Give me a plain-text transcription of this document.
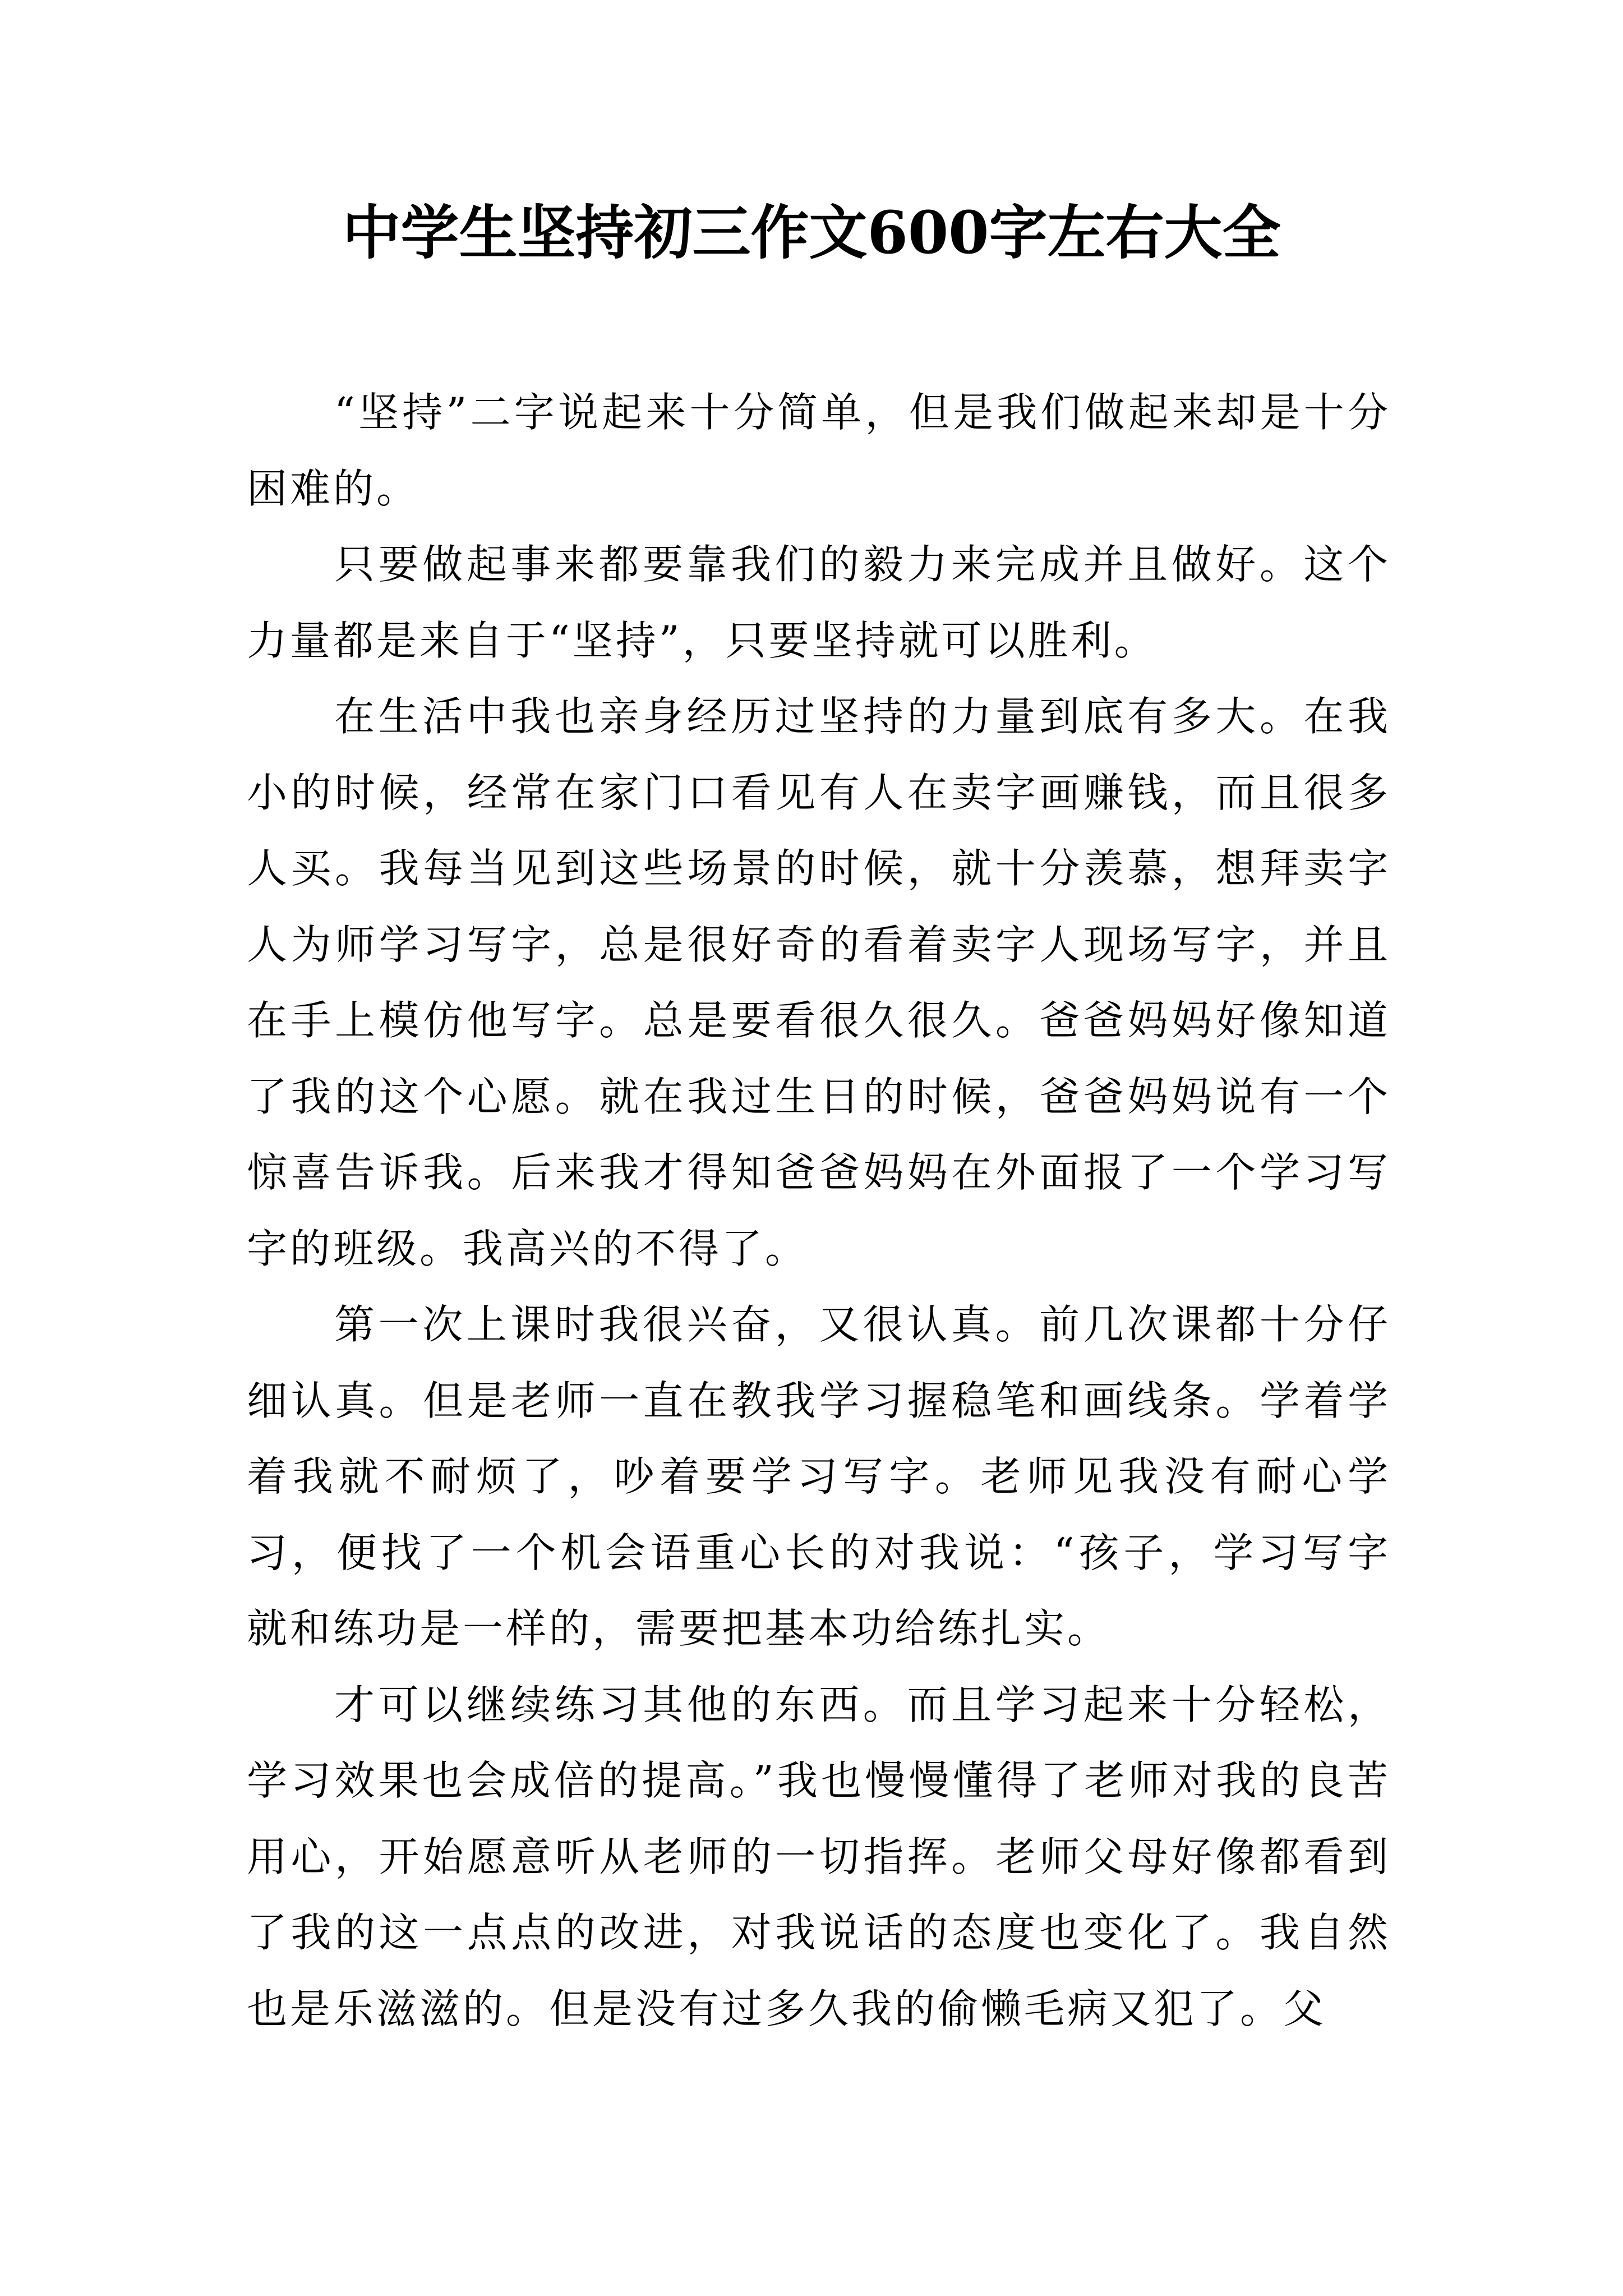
中学生坚持初三作文600字左右大全

“坚持”二字说起来十分简单，但是我们做起来却是十分困难的。

只要做起事来都要靠我们的毅力来完成并且做好。这个力量都是来自于“坚持”，只要坚持就可以胜利。

在生活中我也亲身经历过坚持的力量到底有多大。在我小的时候，经常在家门口看见有人在卖字画赚钱，而且很多人买。我每当见到这些场景的时候，就十分羡慕，想拜卖字人为师学习写字，总是很好奇的看着卖字人现场写字，并且在手上模仿他写字。总是要看很久很久。爸爸妈妈好像知道了我的这个心愿。就在我过生日的时候，爸爸妈妈说有一个惊喜告诉我。后来我才得知爸爸妈妈在外面报了一个学习写字的班级。我高兴的不得了。

第一次上课时我很兴奋，又很认真。前几次课都十分仔细认真。但是老师一直在教我学习握稳笔和画线条。学着学着我就不耐烦了，吵着要学习写字。老师见我没有耐心学习，便找了一个机会语重心长的对我说：“孩子，学习写字就和练功是一样的，需要把基本功给练扎实。

才可以继续练习其他的东西。而且学习起来十分轻松，学习效果也会成倍的提高。”我也慢慢懂得了老师对我的良苦用心，开始愿意听从老师的一切指挥。老师父母好像都看到了我的这一点点的改进，对我说话的态度也变化了。我自然也是乐滋滋的。但是没有过多久我的偷懒毛病又犯了。父
